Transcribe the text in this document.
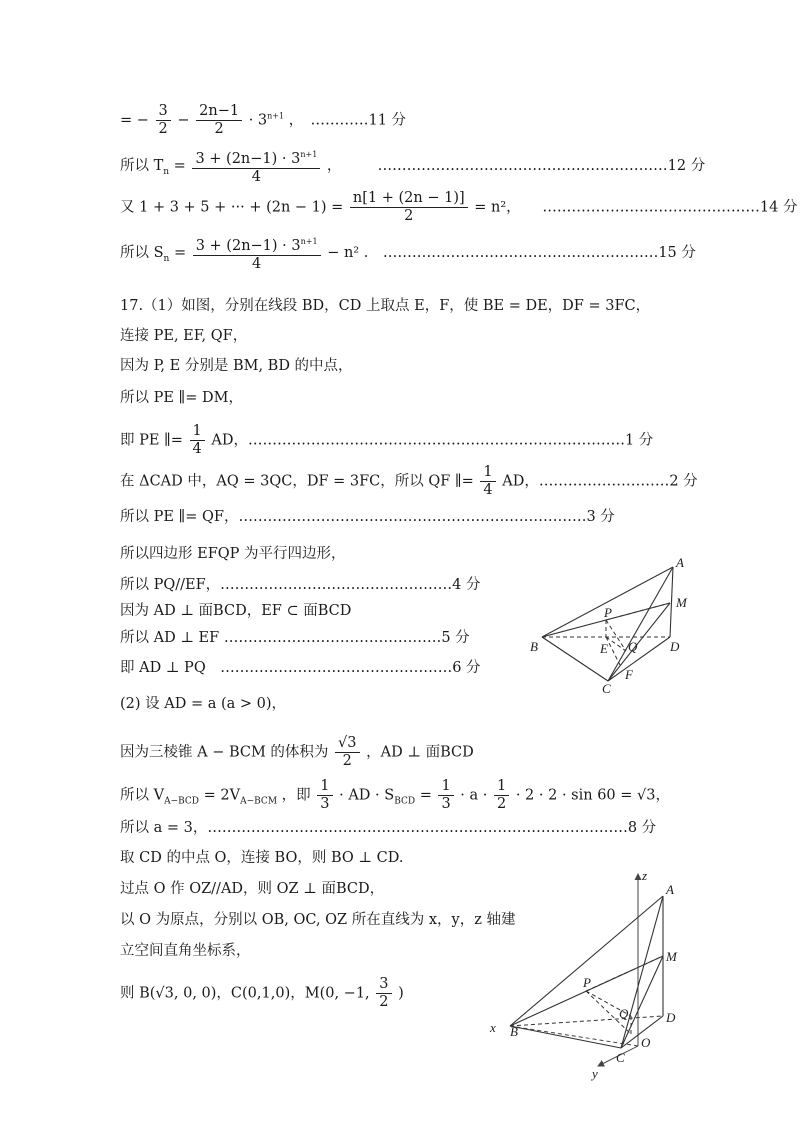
= − $\frac{3}{2} - \frac{2n-1}{2} \cdot 3^{n+1}$ ，　…………11 分
所以 $T_n = \frac{3 + (2n-1) \cdot 3^{n+1}}{4}$ ，　　　……………………………………………………12 分
又 1 + 3 + 5 + ··· + $(2n - 1) = \frac{n[1 + (2n - 1)]}{2} = n^2$，　　………………………………………14 分
所以 $S_n = \frac{3 + (2n-1) \cdot 3^{n+1}}{4} - n^2$ .　…………………………………………………15 分
17.（1）如图，分别在线段 BD，CD 上取点 E，F，使 BE = DE，DF = 3FC，
连接 PE, EF, QF，
因为 P, E 分别是 BM, BD 的中点，
所以 PE ∥= DM，
即 PE ∥= $\frac{1}{4}$ AD，……………………………………………………………………1 分
在 ΔCAD 中，AQ = 3QC，DF = 3FC，所以 QF ∥= $\frac{1}{4}$ AD，………………………2 分
所以 PE ∥= QF，………………………………………………………………3 分
所以四边形 EFQP 为平行四边形，
所以 PQ//EF，…………………………………………4 分
因为 AD ⊥ 面BCD，EF ⊂ 面BCD
所以 AD ⊥ EF ………………………………………5 分
即 AD ⊥ PQ　…………………………………………6 分
A
M
P
B	E Q	D
C
F
(2) 设 AD = a (a > 0)，
因为三棱锥 A − BCM 的体积为 $\frac{√3}{2}$ ，AD ⊥ 面BCD
所以 $V_{A-BCD} = 2V_{A-BCM}$ ，即 $\frac{1}{3}$ · AD · $S_{BCD} = \frac{1}{3} \cdot a \cdot \frac{1}{2} \cdot 2 \cdot 2 \cdot \sin 60 = √3$，
所以 a = 3，……………………………………………………………………………8 分
取 CD 的中点 O，连接 BO，则 BO ⊥ CD.
过点 O 作 OZ//AD，则 OZ ⊥ 面BCD，
以 O 为原点，分别以 OB, OC, OZ 所在直线为 x，y，z 轴建
立空间直角坐标系，
则 B(√3, 0, 0)，C(0,1,0)，M(0, −1, $\frac{3}{2}$ )
z
A
M
P
x B
Q	D
C
O
y
